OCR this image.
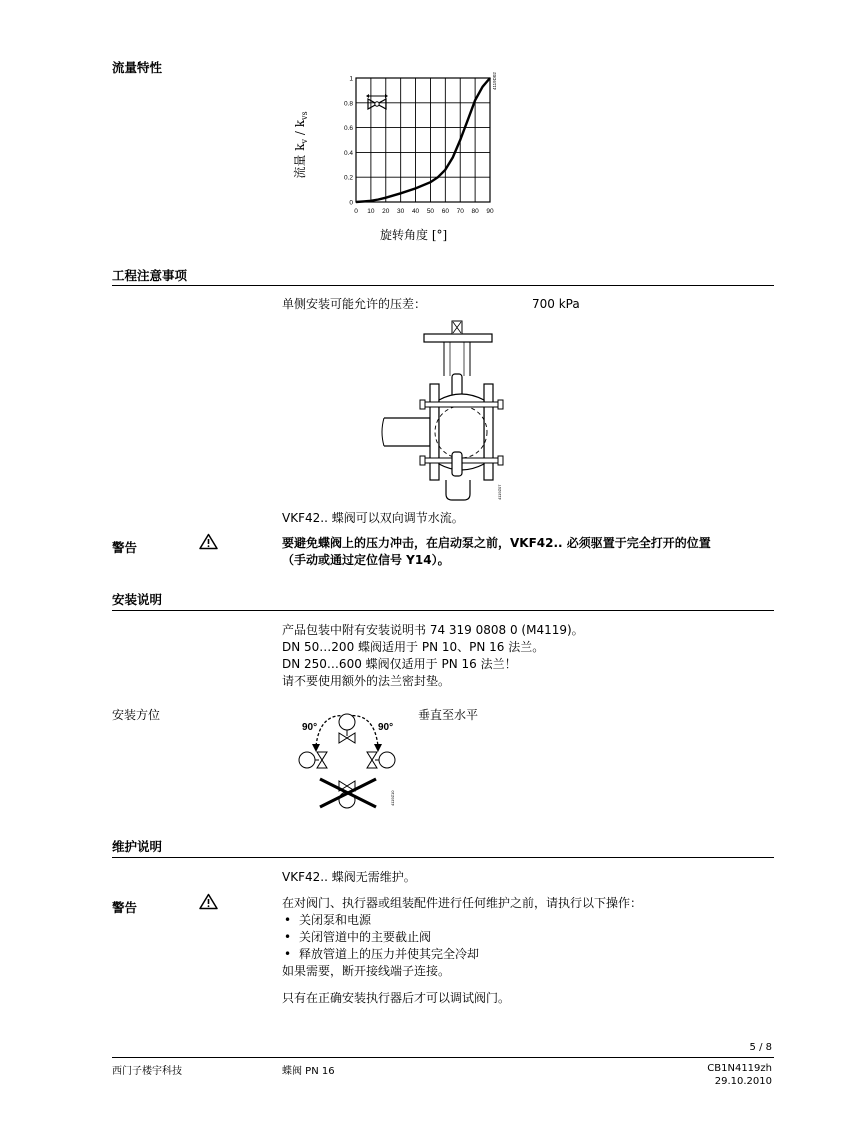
流量特性
流量 $k_v / k_{vs}$
0
0.2
0.4
0.6
0.8
1
0 10 20 30 40 50 60 70 80 90
4119D02
旋转角度 [°]
工程注意事项
单侧安装可能允许的压差：	700 kPa
4119Z07
VKF42.. 蝶阀可以双向调节水流。
警告	要避免蝶阀上的压力冲击，在启动泵之前，VKF42.. 必须驱置于完全打开的位置
（手动或通过定位信号 Y14）。
安装说明
产品包装中附有安装说明书 74 319 0808 0 (M4119)。
DN 50…200 蝶阀适用于 PN 10、PN 16 法兰。
DN 250…600 蝶阀仅适用于 PN 16 法兰！
请不要使用额外的法兰密封垫。
安装方位	垂直至水平
90°	90°
4119Z10
维护说明
VKF42.. 蝶阀无需维护。
警告	在对阀门、执行器或组装配件进行任何维护之前，请执行以下操作：
• 关闭泵和电源
• 关闭管道中的主要截止阀
• 释放管道上的压力并使其完全冷却
如果需要，断开接线端子连接。
只有在正确安装执行器后才可以调试阀门。
5 / 8
西门子楼宇科技	蝶阀 PN 16	CB1N4119zh
29.10.2010
